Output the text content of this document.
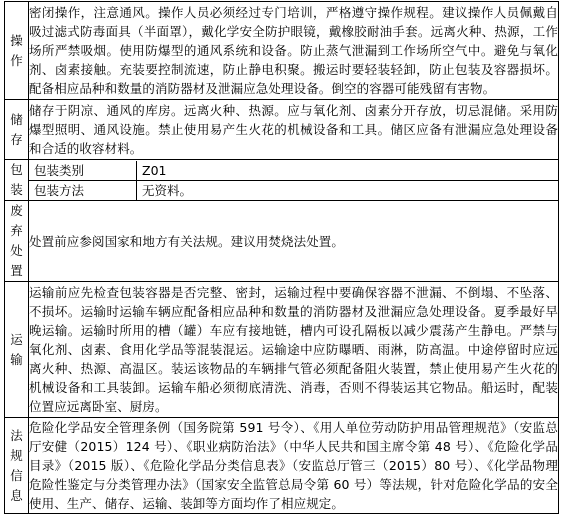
操作	密闭操作，注意通风。操作人员必须经过专门培训，严格遵守操作规程。建议操作人员佩戴自吸过滤式防毒面具（半面罩），戴化学安全防护眼镜，戴橡胶耐油手套。远离火种、热源，工作场所严禁吸烟。使用防爆型的通风系统和设备。防止蒸气泄漏到工作场所空气中。避免与氧化剂、卤素接触。充装要控制流速，防止静电积聚。搬运时要轻装轻卸，防止包装及容器损坏。配备相应品种和数量的消防器材及泄漏应急处理设备。倒空的容器可能残留有害物。
储存	储存于阴凉、通风的库房。远离火种、热源。应与氧化剂、卤素分开存放，切忌混储。采用防爆型照明、通风设施。禁止使用易产生火花的机械设备和工具。储区应备有泄漏应急处理设备和合适的收容材料。
包装	
包装类别	Z01
包装方法	无资料。

废弃处置	处置前应参阅国家和地方有关法规。建议用焚烧法处置。
运输	运输前应先检查包装容器是否完整、密封，运输过程中要确保容器不泄漏、不倒塌、不坠落、不损坏。运输时运输车辆应配备相应品种和数量的消防器材及泄漏应急处理设备。夏季最好早晚运输。运输时所用的槽（罐）车应有接地链，槽内可设孔隔板以减少震荡产生静电。严禁与氧化剂、卤素、食用化学品等混装混运。运输途中应防曝晒、雨淋，防高温。中途停留时应远离火种、热源、高温区。装运该物品的车辆排气管必须配备阻火装置，禁止使用易产生火花的机械设备和工具装卸。运输车船必须彻底清洗、消毒，否则不得装运其它物品。船运时，配装位置应远离卧室、厨房。
法规信息	危险化学品安全管理条例（国务院第 591 号令）、《用人单位劳动防护用品管理规范》（安监总厅安健（2015）124 号）、《职业病防治法》（中华人民共和国主席令第 48 号）、《危险化学品目录》（2015 版）、《危险化学品分类信息表》（安监总厅管三（2015）80 号）、《化学品物理危险性鉴定与分类管理办法》（国家安全监管总局令第 60 号）等法规，针对危险化学品的安全使用、生产、储存、运输、装卸等方面均作了相应规定。
